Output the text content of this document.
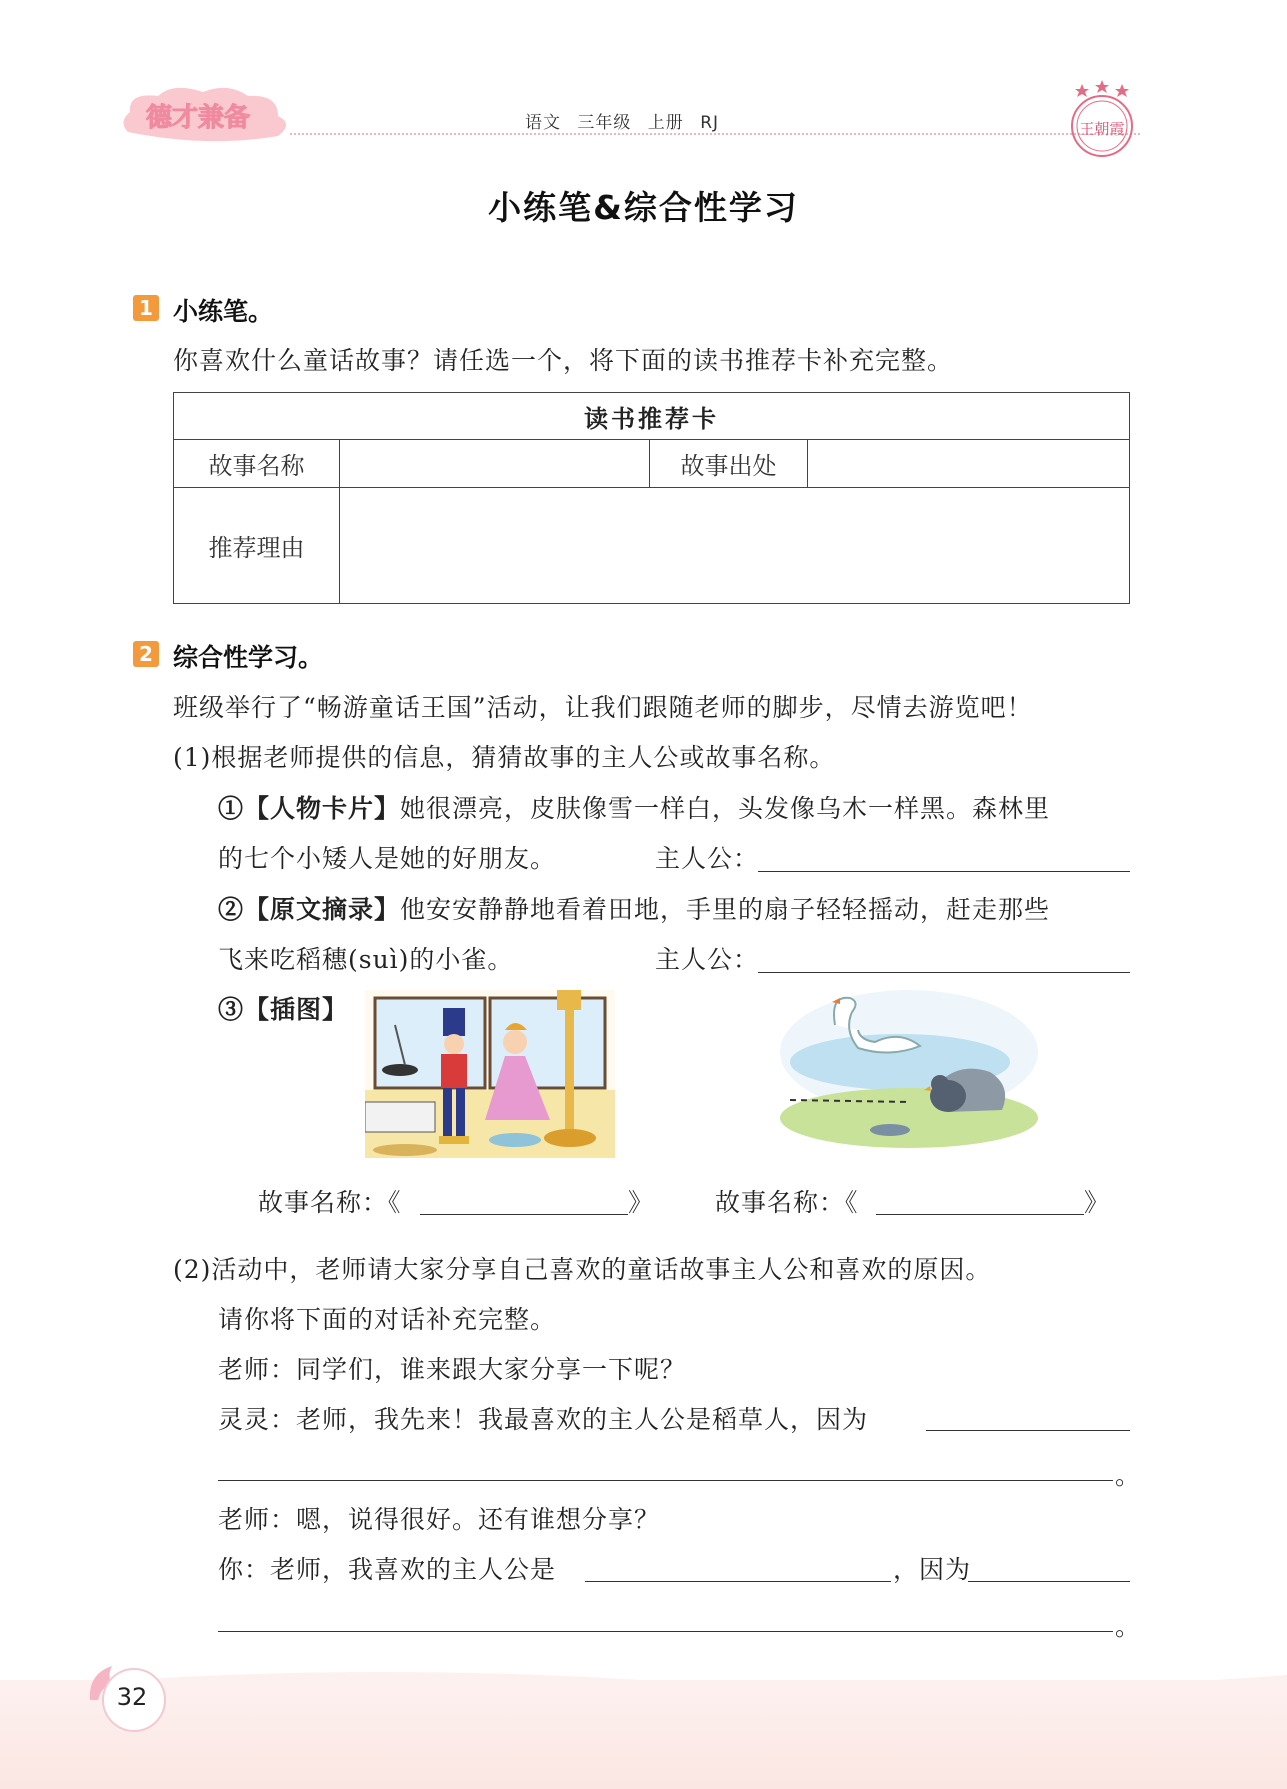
德才兼备	语文 三年级 上册 RJ	王朝霞
小练笔&综合性学习
1 小练笔。
你喜欢什么童话故事？请任选一个，将下面的读书推荐卡补充完整。
读书推荐卡			
故事名称		故事出处	
推荐理由			
2 综合性学习。
班级举行了“畅游童话王国”活动，让我们跟随老师的脚步，尽情去游览吧！
(1)根据老师提供的信息，猜猜故事的主人公或故事名称。
①【人物卡片】她很漂亮，皮肤像雪一样白，头发像乌木一样黑。森林里
的七个小矮人是她的好朋友。	主人公：
②【原文摘录】他安安静静地看着田地，手里的扇子轻轻摇动，赶走那些
飞来吃稻穗(suì)的小雀。	主人公：
③【插图】
故事名称：《	》 故事名称：《	》
(2)活动中，老师请大家分享自己喜欢的童话故事主人公和喜欢的原因。
请你将下面的对话补充完整。
老师：同学们，谁来跟大家分享一下呢？
灵灵：老师，我先来！我最喜欢的主人公是稻草人，因为
。
老师：嗯，说得很好。还有谁想分享？
你：老师，我喜欢的主人公是	，因为
。
32
